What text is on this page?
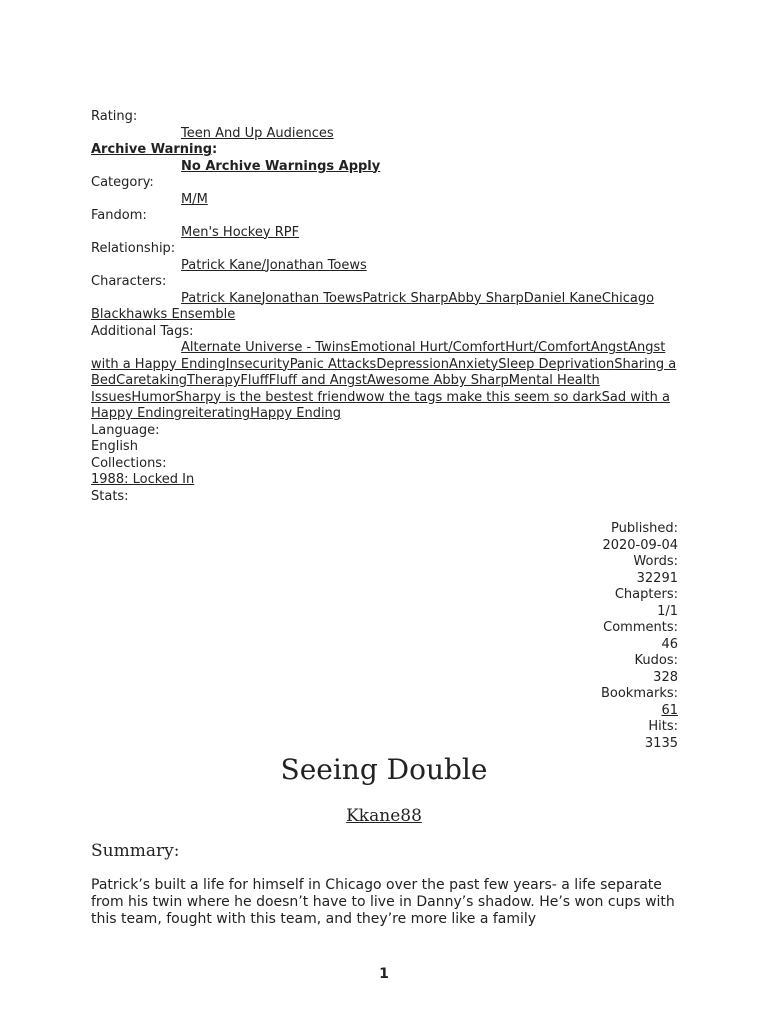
Rating:
Teen And Up Audiences
Archive Warning:
No Archive Warnings Apply
Category:
M/M
Fandom:
Men's Hockey RPF
Relationship:
Patrick Kane/Jonathan Toews
Characters:
Patrick KaneJonathan ToewsPatrick SharpAbby SharpDaniel KaneChicago Blackhawks Ensemble
Additional Tags:
Alternate Universe - TwinsEmotional Hurt/ComfortHurt/ComfortAngstAngst with a Happy EndingInsecurityPanic AttacksDepressionAnxietySleep DeprivationSharing a BedCaretakingTherapyFluffFluff and AngstAwesome Abby SharpMental Health IssuesHumorSharpy is the bestest friendwow the tags make this seem so darkSad with a Happy EndingreiteratingHappy Ending
Language:
English
Collections:
1988: Locked In
Stats:
Published:
2020-09-04
Words:
32291
Chapters:
1/1
Comments:
46
Kudos:
328
Bookmarks:
61
Hits:
3135
Seeing Double
Kkane88
Summary:
Patrick’s built a life for himself in Chicago over the past few years- a life separate from his twin where he doesn’t have to live in Danny’s shadow. He’s won cups with this team, fought with this team, and they’re more like a family
1
